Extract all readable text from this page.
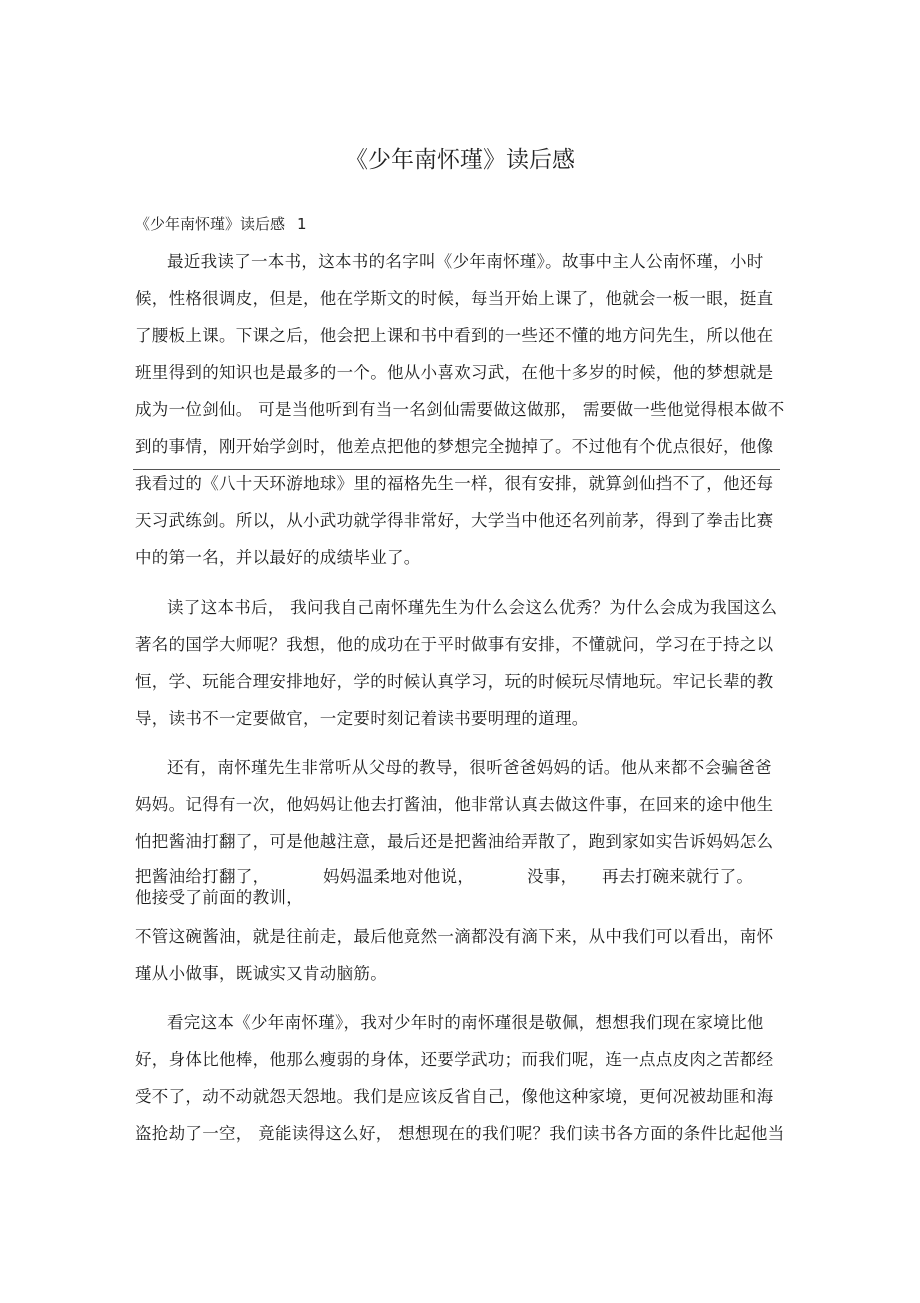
《少年南怀瑾》读后感
《少年南怀瑾》读后感 1
最近我读了一本书，这本书的名字叫《少年南怀瑾》。故事中主人公南怀瑾，小时
候，性格很调皮，但是，他在学斯文的时候，每当开始上课了，他就会一板一眼，挺直
了腰板上课。下课之后，他会把上课和书中看到的一些还不懂的地方问先生，所以他在
班里得到的知识也是最多的一个。他从小喜欢习武，在他十多岁的时候，他的梦想就是
成为一位剑仙。 可是当他听到有当一名剑仙需要做这做那， 需要做一些他觉得根本做不
到的事情，刚开始学剑时，他差点把他的梦想完全抛掉了。不过他有个优点很好，他像
我看过的《八十天环游地球》里的福格先生一样，很有安排，就算剑仙挡不了，他还每
天习武练剑。所以，从小武功就学得非常好，大学当中他还名列前茅，得到了拳击比赛
中的第一名，并以最好的成绩毕业了。
读了这本书后， 我问我自己南怀瑾先生为什么会这么优秀？为什么会成为我国这么
著名的国学大师呢？我想，他的成功在于平时做事有安排，不懂就问，学习在于持之以
恒，学、玩能合理安排地好，学的时候认真学习，玩的时候玩尽情地玩。牢记长辈的教
导，读书不一定要做官，一定要时刻记着读书要明理的道理。
还有，南怀瑾先生非常听从父母的教导，很听爸爸妈妈的话。他从来都不会骗爸爸
妈妈。记得有一次，他妈妈让他去打酱油，他非常认真去做这件事，在回来的途中他生
怕把酱油打翻了，可是他越注意，最后还是把酱油给弄散了，跑到家如实告诉妈妈怎么
把酱油给打翻了，	妈妈温柔地对他说，	没事， 再去打碗来就行了。
他接受了前面的教训，
不管这碗酱油，就是往前走，最后他竟然一滴都没有滴下来，从中我们可以看出，南怀
瑾从小做事，既诚实又肯动脑筋。
看完这本《少年南怀瑾》，我对少年时的南怀瑾很是敬佩，想想我们现在家境比他
好，身体比他棒，他那么瘦弱的身体，还要学武功；而我们呢，连一点点皮肉之苦都经
受不了，动不动就怨天怨地。我们是应该反省自己，像他这种家境，更何况被劫匪和海
盗抢劫了一空， 竟能读得这么好， 想想现在的我们呢？我们读书各方面的条件比起他当
